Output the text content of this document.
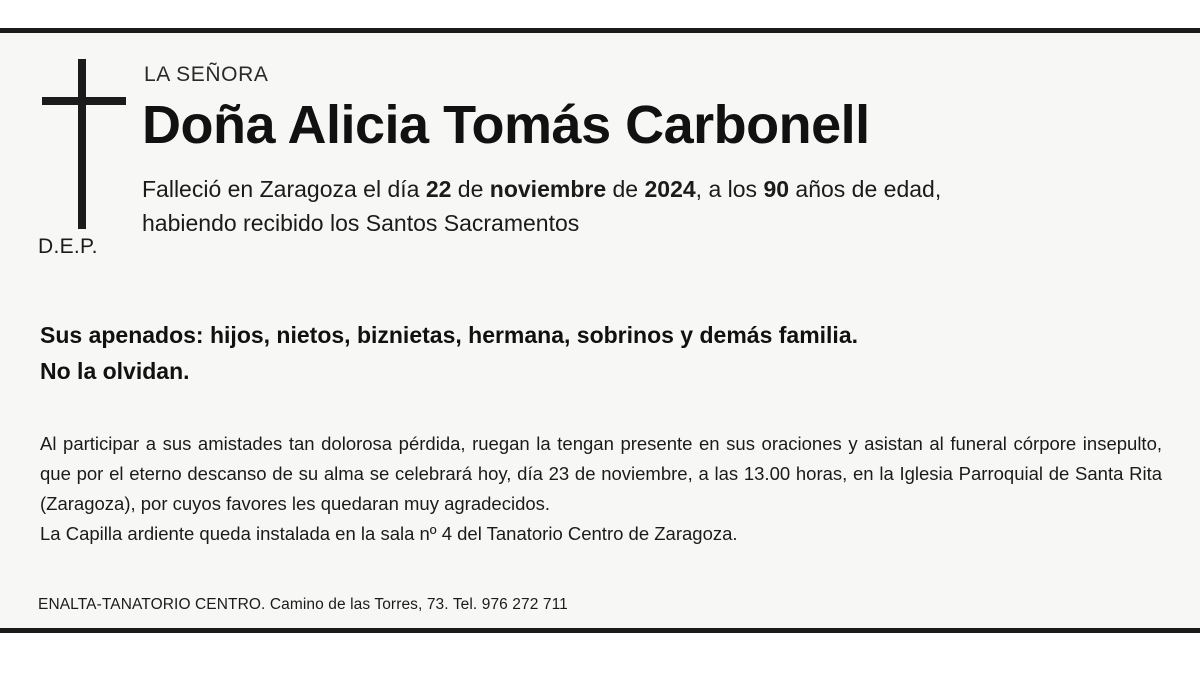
D.E.P.
LA SEÑORA
Doña Alicia Tomás Carbonell
Falleció en Zaragoza el día 22 de noviembre de 2024, a los 90 años de edad,
habiendo recibido los Santos Sacramentos
Sus apenados: hijos, nietos, biznietas, hermana, sobrinos y demás familia.
No la olvidan.
Al participar a sus amistades tan dolorosa pérdida, ruegan la tengan presente en sus oraciones y asistan al funeral córpore insepulto, que por el eterno descanso de su alma se celebrará hoy, día 23 de noviembre, a las 13.00 horas, en la Iglesia Parroquial de Santa Rita (Zaragoza), por cuyos favores les quedaran muy agradecidos.
La Capilla ardiente queda instalada en la sala nº 4 del Tanatorio Centro de Zaragoza.
ENALTA-TANATORIO CENTRO. Camino de las Torres, 73. Tel. 976 272 711
